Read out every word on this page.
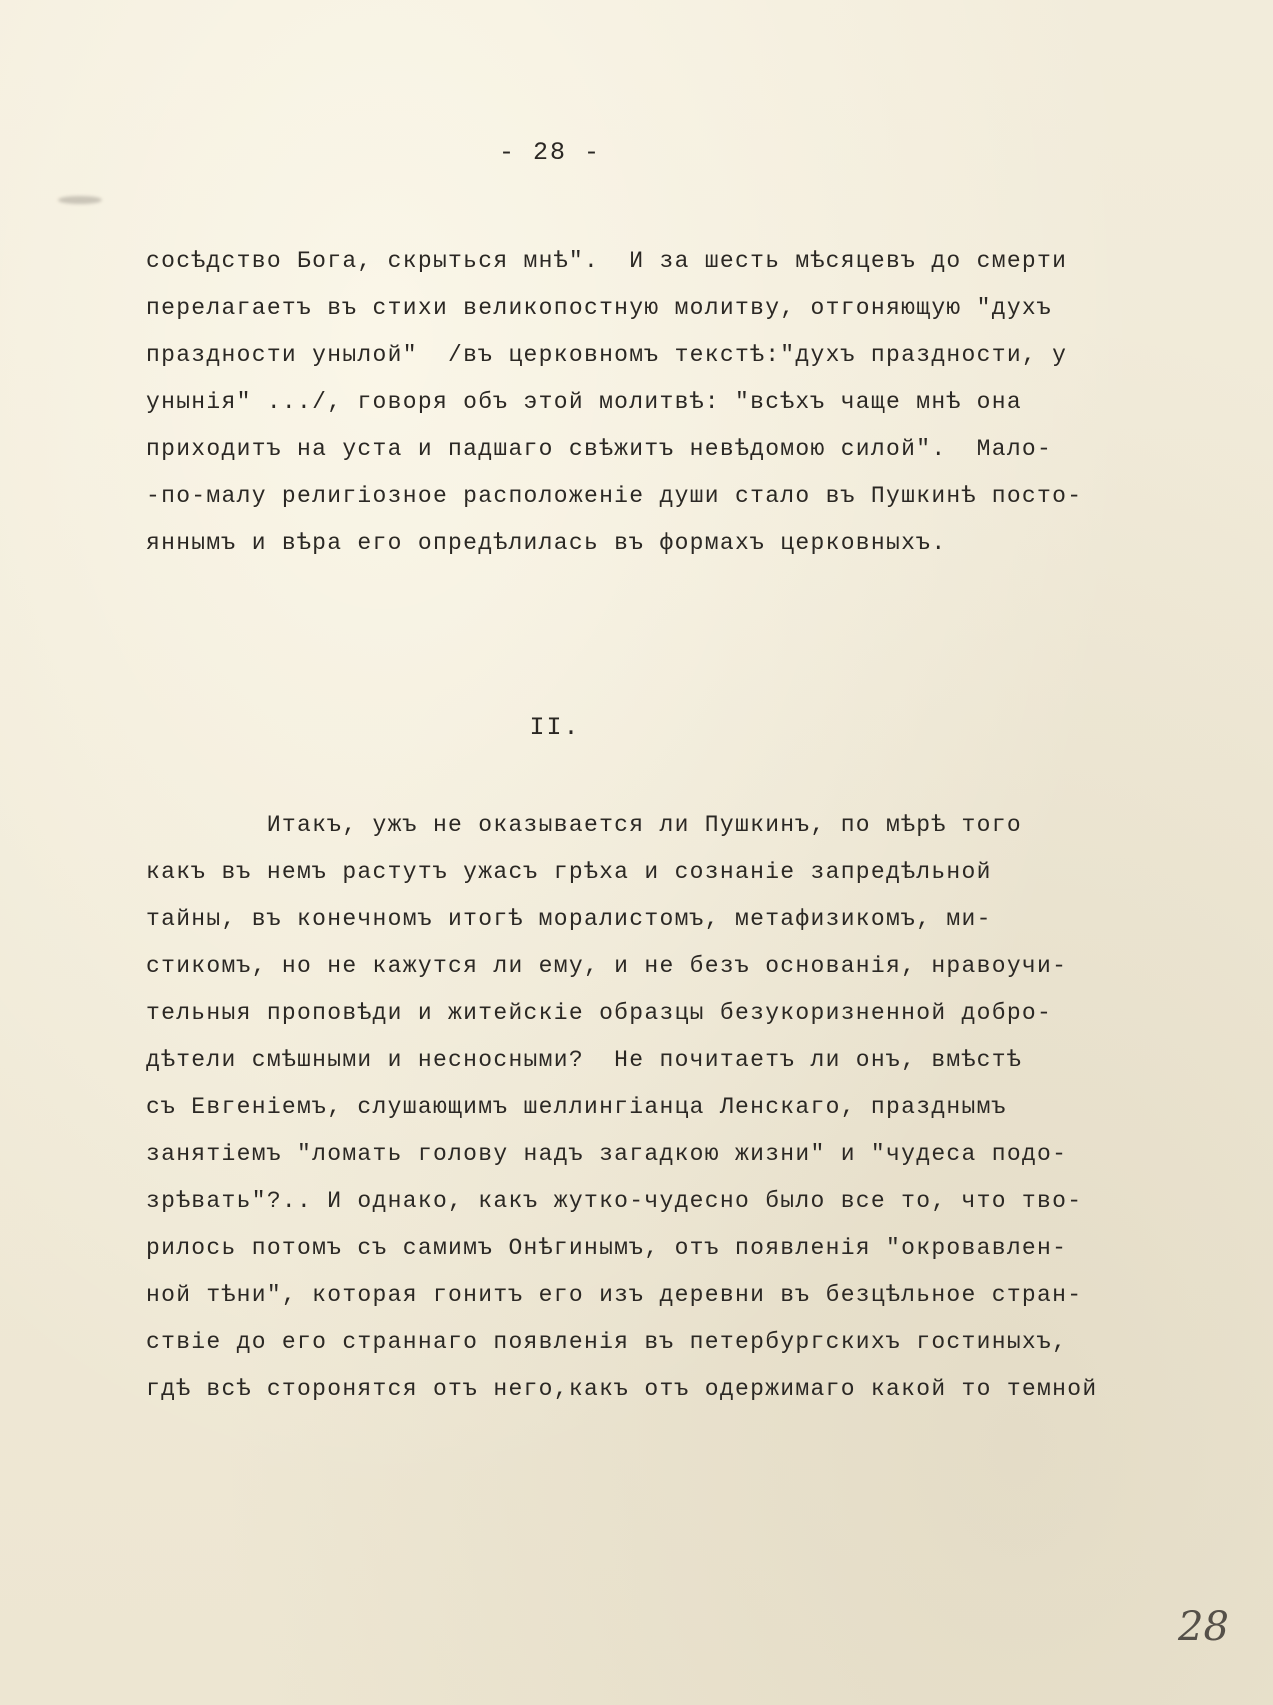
- 28 -
сосѣдство Бога, скрыться мнѣ".  И за шесть мѣсяцевъ до смерти
перелагаетъ въ стихи великопостную молитву, отгоняющую "духъ
праздности унылой"  /въ церковномъ текстѣ:"духъ праздности, у
унынія" .../, говоря объ этой молитвѣ: "всѣхъ чаще мнѣ она
приходитъ на уста и падшаго свѣжитъ невѣдомою силой".  Мало-
-по-малу религіозное расположеніе души стало въ Пушкинѣ посто-
яннымъ и вѣра его опредѣлилась въ формахъ церковныхъ.
II.
Итакъ, ужъ не оказывается ли Пушкинъ, по мѣрѣ того
какъ въ немъ растутъ ужасъ грѣха и сознаніе запредѣльной
тайны, въ конечномъ итогѣ моралистомъ, метафизикомъ, ми-
стикомъ, но не кажутся ли ему, и не безъ основанія, нравоучи-
тельныя проповѣди и житейскіе образцы безукоризненной добро-
дѣтели смѣшными и несносными?  Не почитаетъ ли онъ, вмѣстѣ
съ Евгеніемъ, слушающимъ шеллингіанца Ленскаго, празднымъ
занятіемъ "ломать голову надъ загадкою жизни" и "чудеса подо-
зрѣвать"?.. И однако, какъ жутко-чудесно было все то, что тво-
рилось потомъ съ самимъ Онѣгинымъ, отъ появленія "окровавлен-
ной тѣни", которая гонитъ его изъ деревни въ безцѣльное стран-
ствіе до его страннаго появленія въ петербургскихъ гостиныхъ,
гдѣ всѣ сторонятся отъ него,какъ отъ одержимаго какой то темной
28
